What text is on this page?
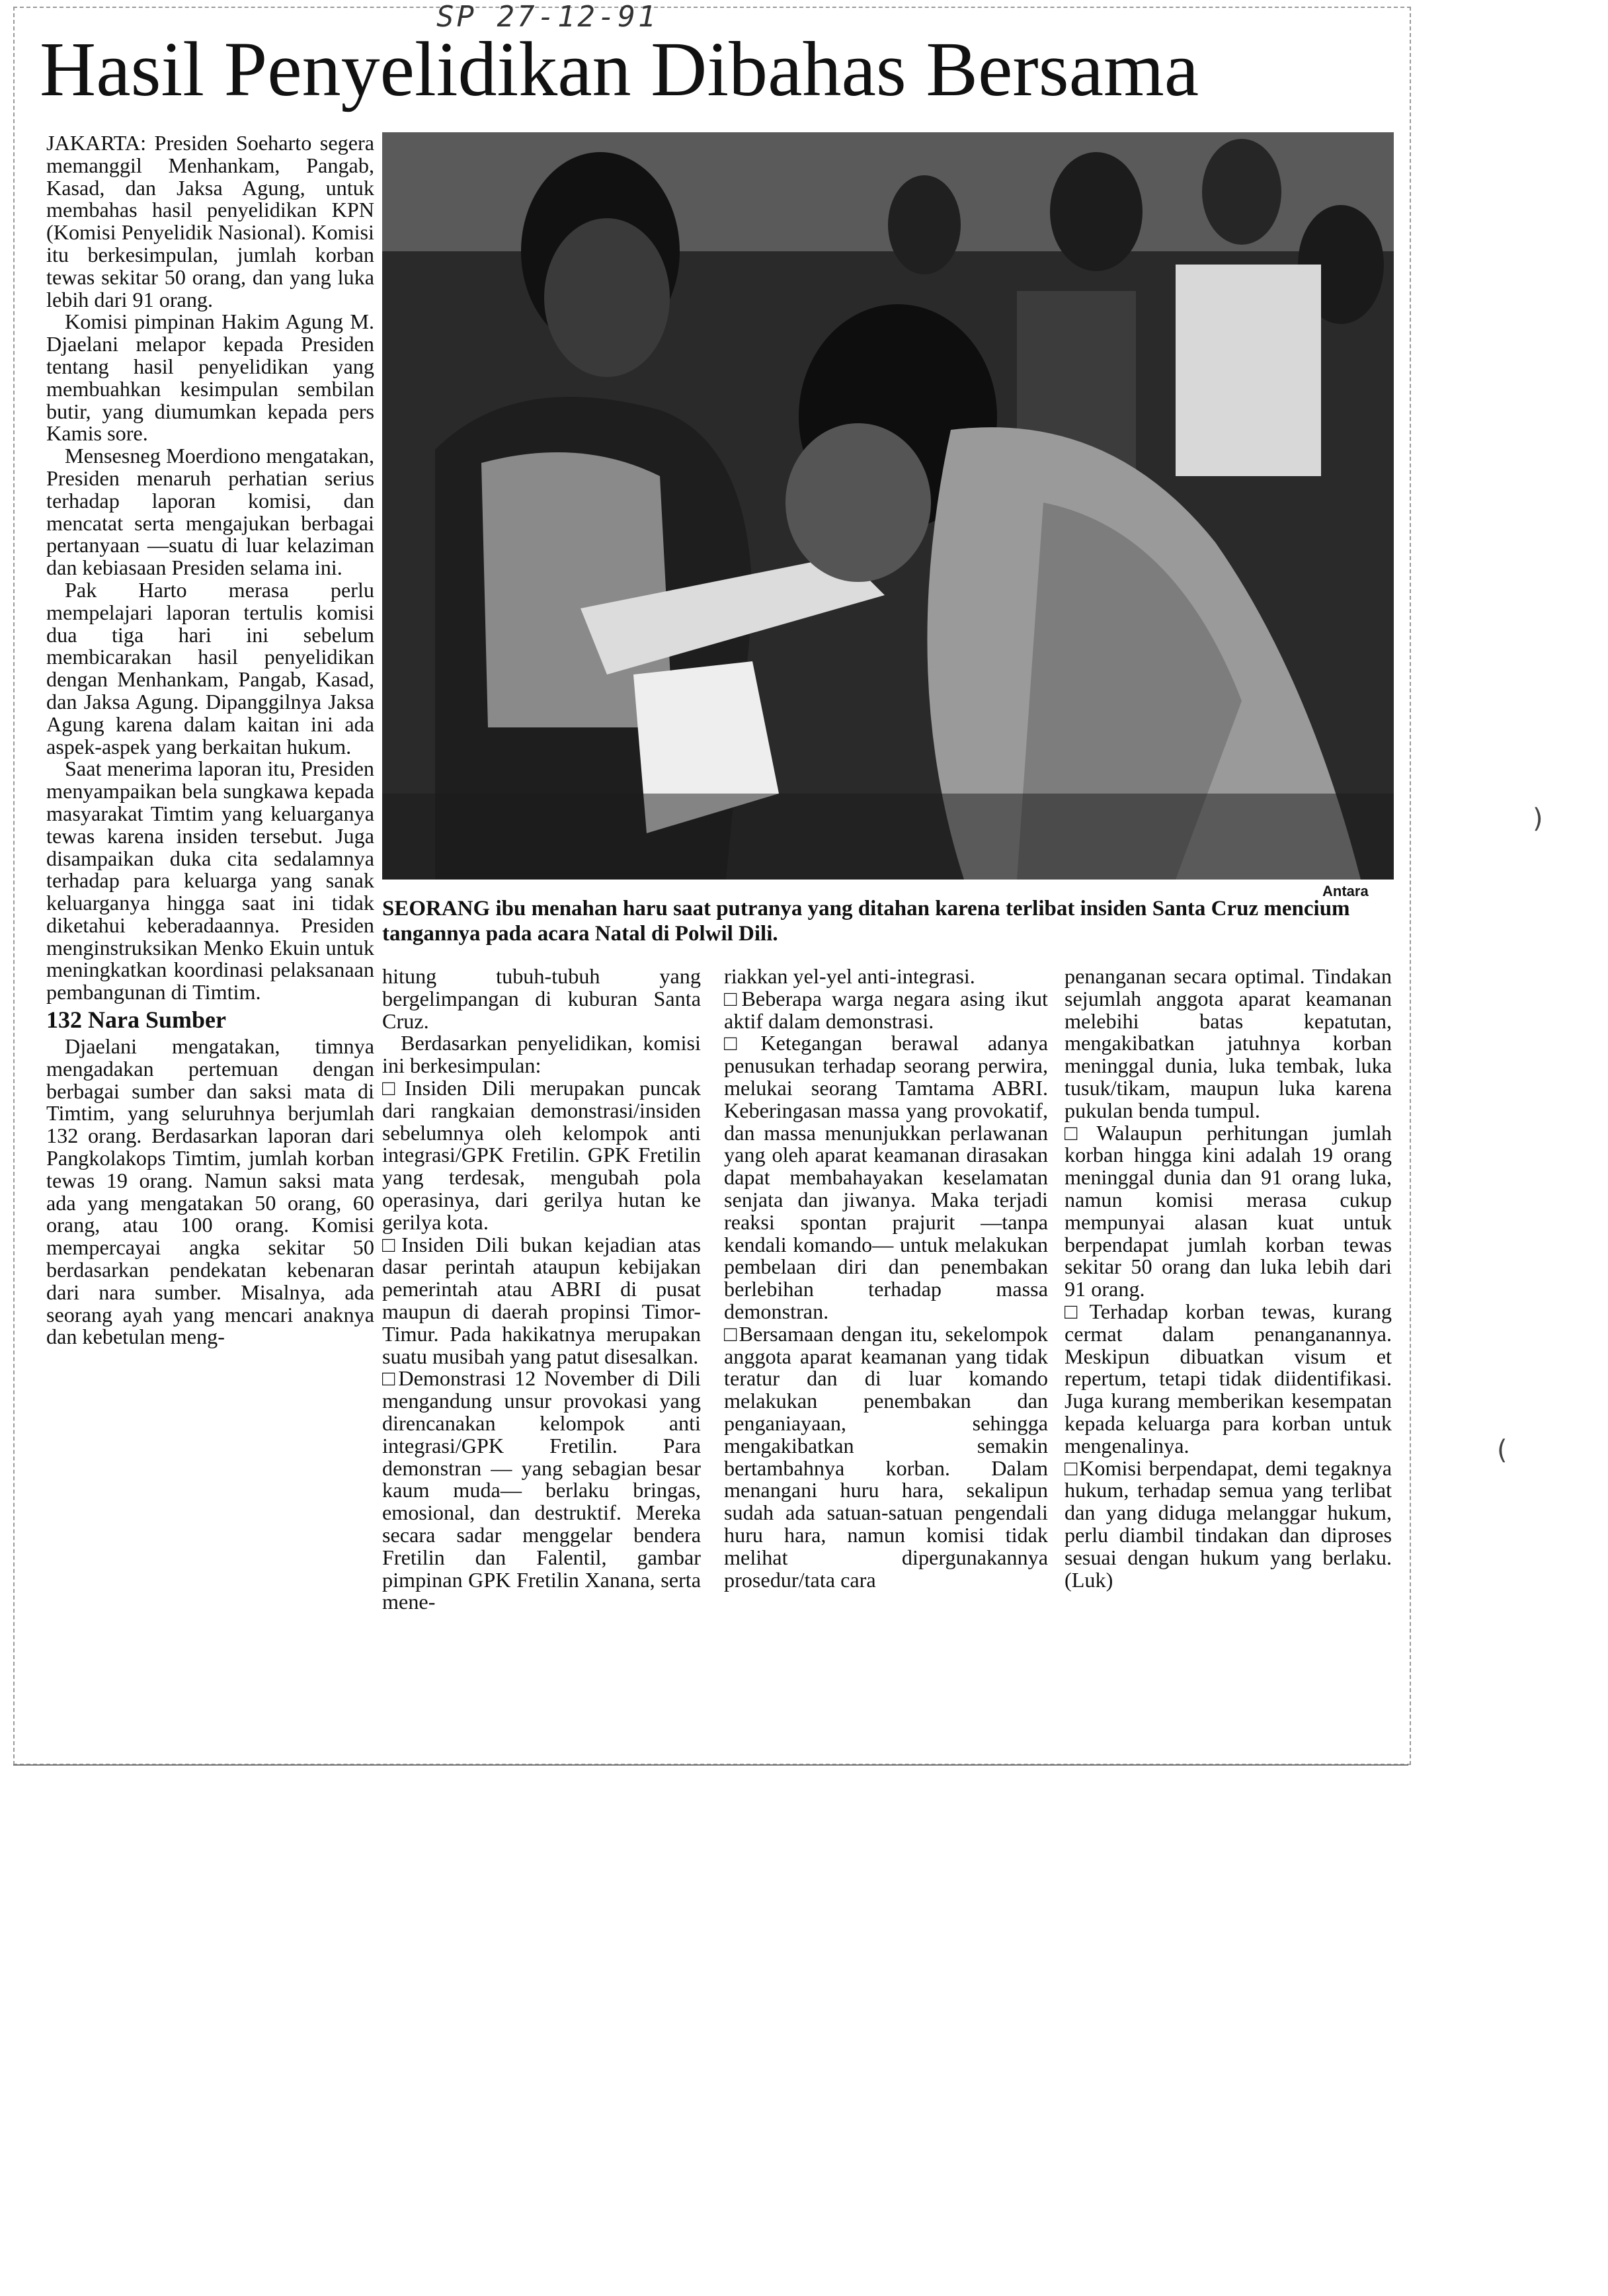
SP 27-12-91
Hasil Penyelidikan Dibahas Bersama

JAKARTA: Presiden Soeharto segera memanggil Menhankam, Pangab, Kasad, dan Jaksa Agung, untuk membahas hasil penyelidikan KPN (Komisi Penyelidik Nasional). Komisi itu berkesimpulan, jumlah korban tewas sekitar 50 orang, dan yang luka lebih dari 91 orang.

Komisi pimpinan Hakim Agung M. Djaelani melapor kepada Presiden tentang hasil penyelidikan yang membuahkan kesimpulan sembilan butir, yang diumumkan kepada pers Kamis sore.

Mensesneg Moerdiono mengatakan, Presiden menaruh perhatian serius terhadap laporan komisi, dan mencatat serta mengajukan berbagai pertanyaan —suatu di luar kelaziman dan kebiasaan Presiden selama ini.

Pak Harto merasa perlu mempelajari laporan tertulis komisi dua tiga hari ini sebelum membicarakan hasil penyelidikan dengan Menhankam, Pangab, Kasad, dan Jaksa Agung. Dipanggilnya Jaksa Agung karena dalam kaitan ini ada aspek-aspek yang berkaitan hukum.

Saat menerima laporan itu, Presiden menyampaikan bela sungkawa kepada masyarakat Timtim yang keluarganya tewas karena insiden tersebut. Juga disampaikan duka cita sedalamnya terhadap para keluarga yang sanak keluarganya hingga saat ini tidak diketahui keberadaannya. Presiden menginstruksikan Menko Ekuin untuk meningkatkan koordinasi pelaksanaan pembangunan di Timtim.

132 Nara Sumber

Djaelani mengatakan, timnya mengadakan pertemuan dengan berbagai sumber dan saksi mata di Timtim, yang seluruhnya berjumlah 132 orang. Berdasarkan laporan dari Pangkolakops Timtim, jumlah korban tewas 19 orang. Namun saksi mata ada yang mengatakan 50 orang, 60 orang, atau 100 orang. Komisi mempercayai angka sekitar 50 berdasarkan pendekatan kebenaran dari nara sumber. Misalnya, ada seorang ayah yang mencari anaknya dan kebetulan meng-

Antara
SEORANG ibu menahan haru saat putranya yang ditahan karena terlibat insiden Santa Cruz mencium tangannya pada acara Natal di Polwil Dili.

hitung tubuh-tubuh yang bergelimpangan di kuburan Santa Cruz.

Berdasarkan penyelidikan, komisi ini berkesimpulan:

□ Insiden Dili merupakan puncak dari rangkaian demonstrasi/insiden sebelumnya oleh kelompok anti integrasi/GPK Fretilin. GPK Fretilin yang terdesak, mengubah pola operasinya, dari gerilya hutan ke gerilya kota.

□ Insiden Dili bukan kejadian atas dasar perintah ataupun kebijakan pemerintah atau ABRI di pusat maupun di daerah propinsi Timor-Timur. Pada hakikatnya merupakan suatu musibah yang patut disesalkan.

□ Demonstrasi 12 November di Dili mengandung unsur provokasi yang direncanakan kelompok anti integrasi/GPK Fretilin. Para demonstran — yang sebagian besar kaum muda— berlaku bringas, emosional, dan destruktif. Mereka secara sadar menggelar bendera Fretilin dan Falentil, gambar pimpinan GPK Fretilin Xanana, serta mene-

riakkan yel-yel anti-integrasi.

□ Beberapa warga negara asing ikut aktif dalam demonstrasi.

□ Ketegangan berawal adanya penusukan terhadap seorang perwira, melukai seorang Tamtama ABRI. Keberingasan massa yang provokatif, dan massa menunjukkan perlawanan yang oleh aparat keamanan dirasakan dapat membahayakan keselamatan senjata dan jiwanya. Maka terjadi reaksi spontan prajurit —tanpa kendali komando— untuk melakukan pembelaan diri dan penembakan berlebihan terhadap massa demonstran.

□ Bersamaan dengan itu, sekelompok anggota aparat keamanan yang tidak teratur dan di luar komando melakukan penembakan dan penganiayaan, sehingga mengakibatkan semakin bertambahnya korban. Dalam menangani huru hara, sekalipun sudah ada satuan-satuan pengendali huru hara, namun komisi tidak melihat dipergunakannya prosedur/tata cara

penanganan secara optimal. Tindakan sejumlah anggota aparat keamanan melebihi batas kepatutan, mengakibatkan jatuhnya korban meninggal dunia, luka tembak, luka tusuk/tikam, maupun luka karena pukulan benda tumpul.

□ Walaupun perhitungan jumlah korban hingga kini adalah 19 orang meninggal dunia dan 91 orang luka, namun komisi merasa cukup mempunyai alasan kuat untuk berpendapat jumlah korban tewas sekitar 50 orang dan luka lebih dari 91 orang.

□ Terhadap korban tewas, kurang cermat dalam penanganannya. Meskipun dibuatkan visum et repertum, tetapi tidak diidentifikasi. Juga kurang memberikan kesempatan kepada keluarga para korban untuk mengenalinya.

□ Komisi berpendapat, demi tegaknya hukum, terhadap semua yang terlibat dan yang diduga melanggar hukum, perlu diambil tindakan dan diproses sesuai dengan hukum yang berlaku. (Luk)

)
(
